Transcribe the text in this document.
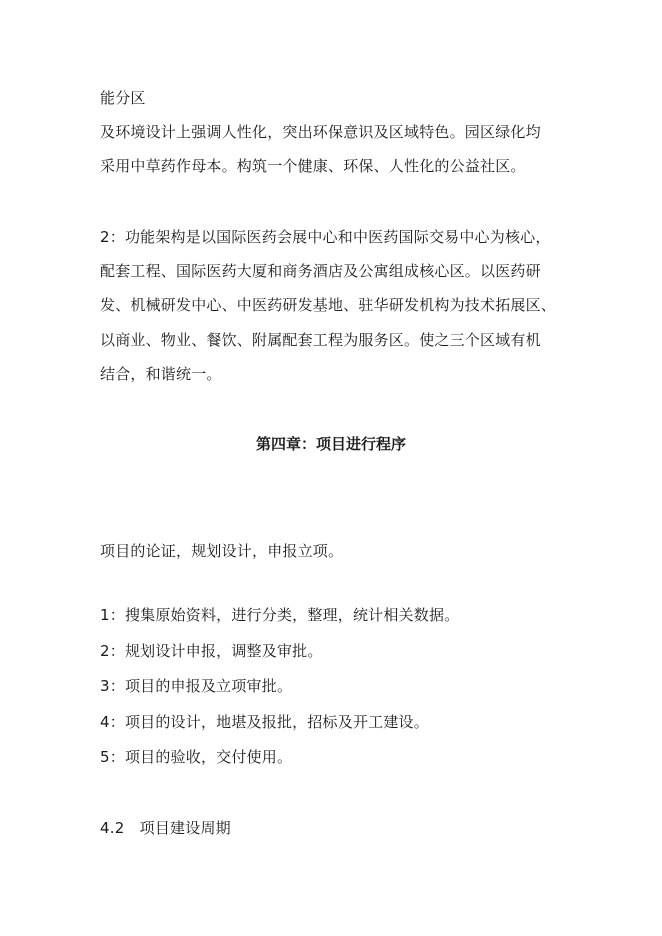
能分区
及环境设计上强调人性化，突出环保意识及区域特色。园区绿化均
采用中草药作母本。构筑一个健康、环保、人性化的公益社区。
2：功能架构是以国际医药会展中心和中医药国际交易中心为核心，
配套工程、国际医药大厦和商务酒店及公寓组成核心区。以医药研
发、机械研发中心、中医药研发基地、驻华研发机构为技术拓展区、
以商业、物业、餐饮、附属配套工程为服务区。使之三个区域有机
结合，和谐统一。
第四章：项目进行程序
项目的论证，规划设计，申报立项。
1：搜集原始资料，进行分类，整理，统计相关数据。
2：规划设计申报，调整及审批。
3：项目的申报及立项审批。
4：项目的设计，地堪及报批，招标及开工建设。
5：项目的验收，交付使用。
4.2　项目建设周期
